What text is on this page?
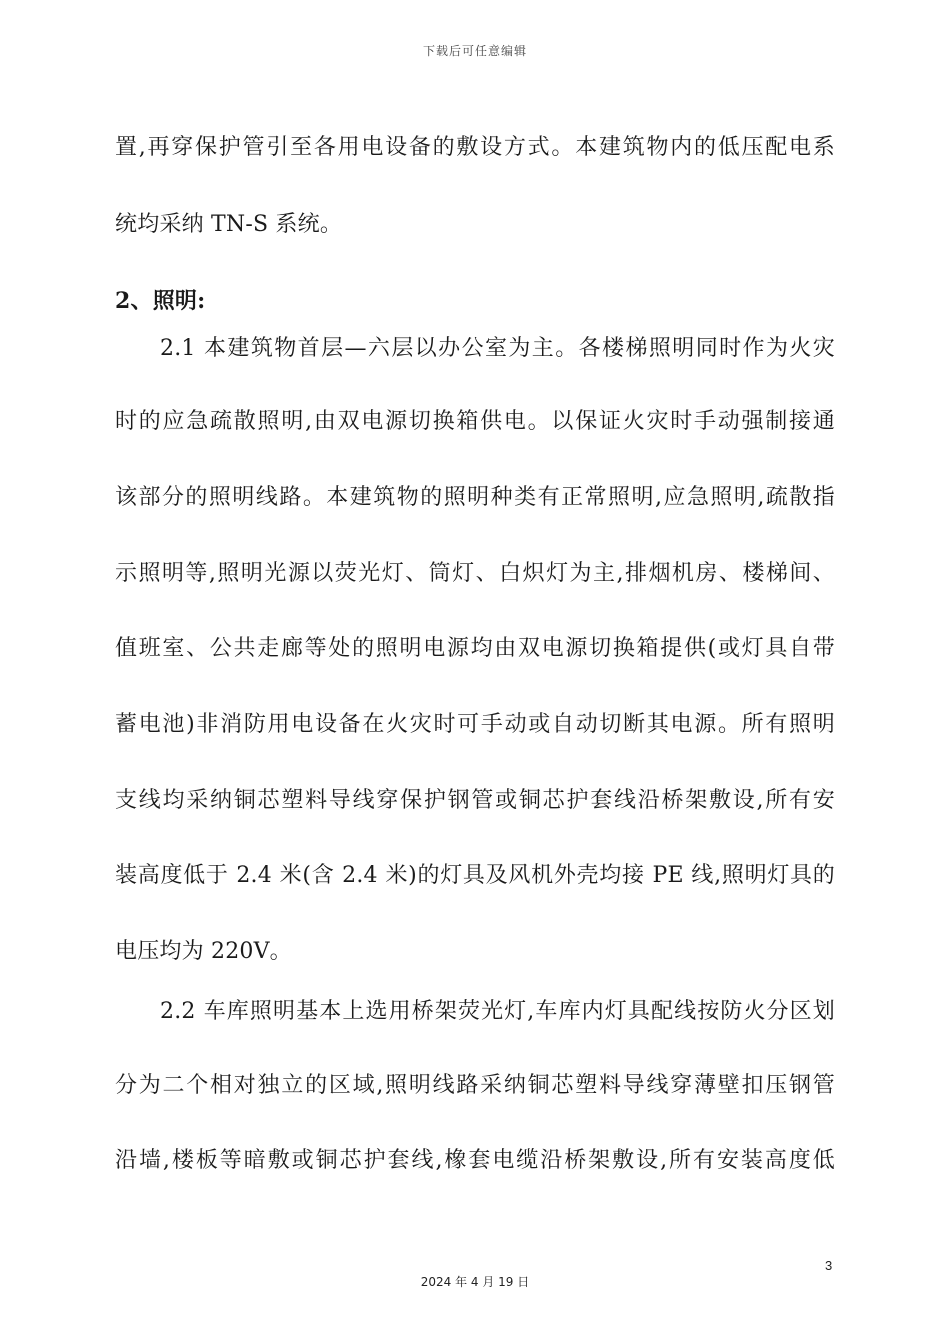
下载后可任意编辑
置,再穿保护管引至各用电设备的敷设方式。本建筑物内的低压配电系
统均采纳 TN-S 系统。
2、照明:
2.1 本建筑物首层—六层以办公室为主。各楼梯照明同时作为火灾
时的应急疏散照明,由双电源切换箱供电。以保证火灾时手动强制接通
该部分的照明线路。本建筑物的照明种类有正常照明,应急照明,疏散指
示照明等,照明光源以荧光灯、筒灯、白炽灯为主,排烟机房、楼梯间、
值班室、公共走廊等处的照明电源均由双电源切换箱提供(或灯具自带
蓄电池)非消防用电设备在火灾时可手动或自动切断其电源。所有照明
支线均采纳铜芯塑料导线穿保护钢管或铜芯护套线沿桥架敷设,所有安
装高度低于 2.4 米(含 2.4 米)的灯具及风机外壳均接 PE 线,照明灯具的
电压均为 220V。
2.2 车库照明基本上选用桥架荧光灯,车库内灯具配线按防火分区划
分为二个相对独立的区域,照明线路采纳铜芯塑料导线穿薄壁扣压钢管
沿墙,楼板等暗敷或铜芯护套线,橡套电缆沿桥架敷设,所有安装高度低
3
2024 年 4 月 19 日
